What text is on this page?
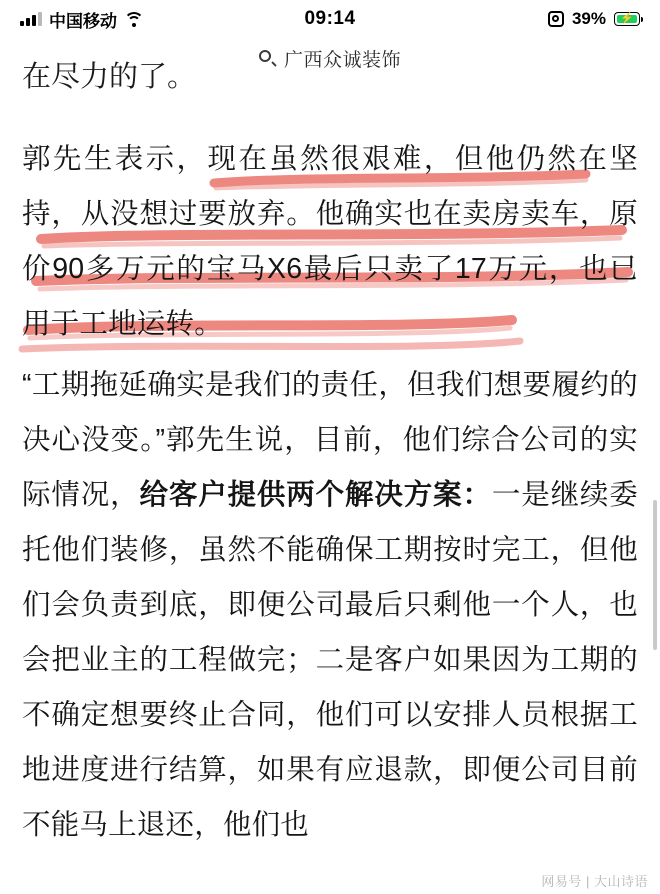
中国移动	09:14	39% ⚡
广西众诚装饰
在尽力的了。

郭先生表示，现在虽然很艰难，但他仍然在坚持，从没想过要放弃。他确实也在卖房卖车，原价90多万元的宝马X6最后只卖了17万元，也已用于工地运转。

“工期拖延确实是我们的责任，但我们想要履约的决心没变。”郭先生说，目前，他们综合公司的实际情况，给客户提供两个解决方案：一是继续委托他们装修，虽然不能确保工期按时完工，但他们会负责到底，即便公司最后只剩他一个人，也会把业主的工程做完；二是客户如果因为工期的不确定想要终止合同，他们可以安排人员根据工地进度进行结算，如果有应退款，即便公司目前不能马上退还，他们也

网易号 | 大山诗语
